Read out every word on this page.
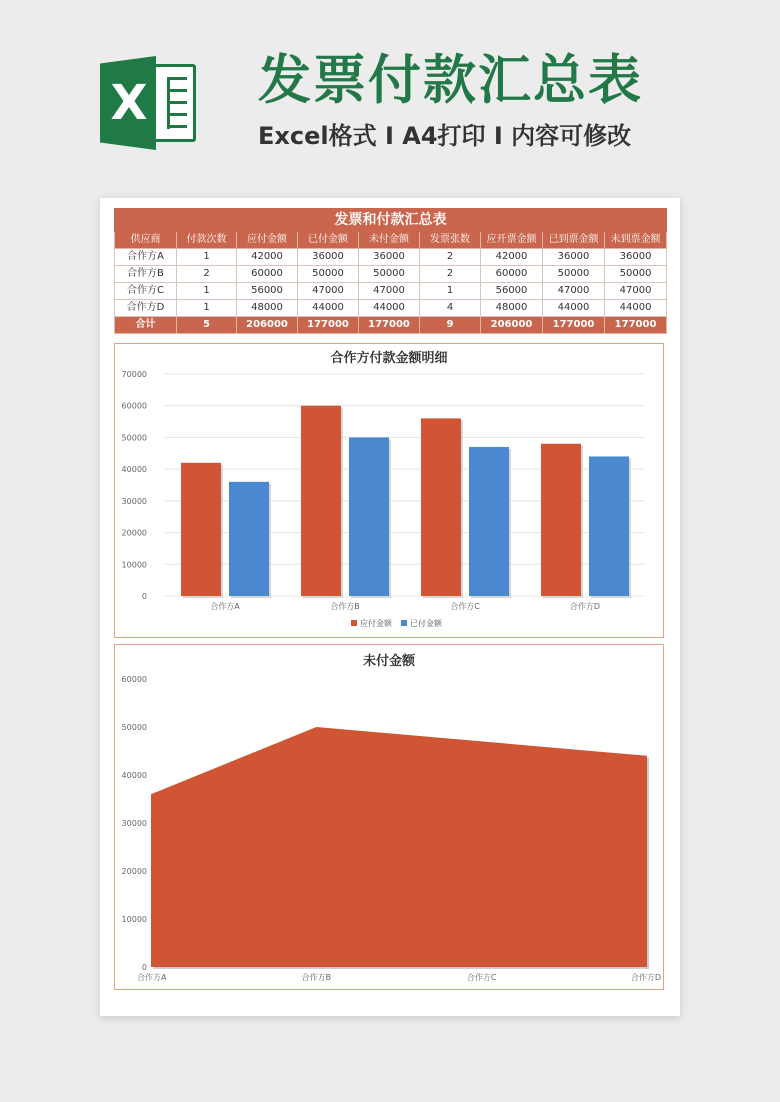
X 发票付款汇总表
Excel格式 I A4打印 I 内容可修改
发票和付款汇总表								
供应商	付款次数	应付金额	已付金额	未付金额	发票张数	应开票金额	已到票金额	未到票金额
合作方A	1	42000	36000	36000	2	42000	36000	36000
合作方B	2	60000	50000	50000	2	60000	50000	50000
合作方C	1	56000	47000	47000	1	56000	47000	47000
合作方D	1	48000	44000	44000	4	48000	44000	44000
合计	5	206000	177000	177000	9	206000	177000	177000
合作方付款金额明细
0
10000
20000
30000
40000
50000
60000
70000
合作方A	合作方B	合作方C	合作方D
应付金额 已付金额
未付金额
0
10000
20000
30000
40000
50000
60000
合作方A	合作方B	合作方C	合作方D
